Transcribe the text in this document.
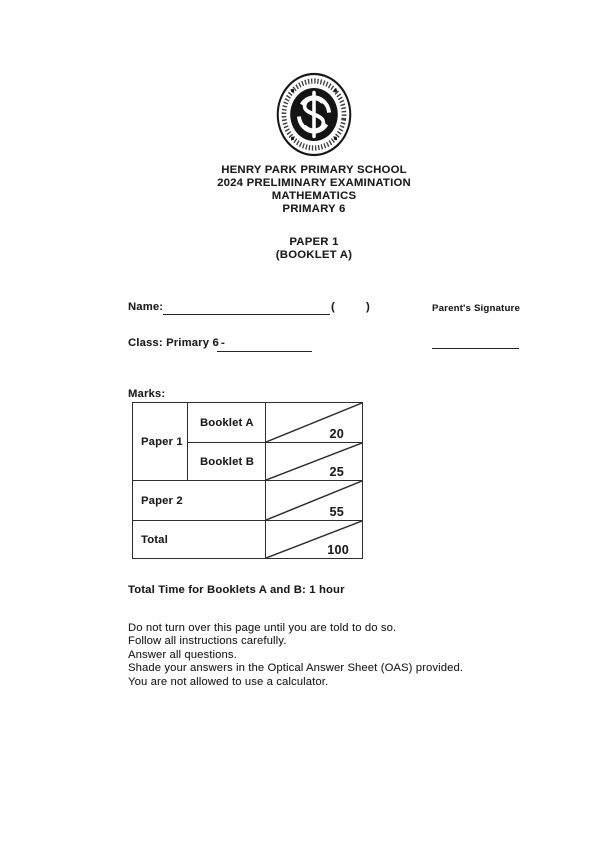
HENRY PARK PRIMARY SCHOOL
2024 PRELIMINARY EXAMINATION
MATHEMATICS
PRIMARY 6
PAPER 1
(BOOKLET A)
Name:	(	)	Parent's Signature
Class: Primary 6 -
Marks:
Paper 1	Booklet A	20

	Booklet B	25

Paper 2		55

Total		100
Total Time for Booklets A and B: 1 hour
Do not turn over this page until you are told to do so.
Follow all instructions carefully.
Answer all questions.
Shade your answers in the Optical Answer Sheet (OAS) provided.
You are not allowed to use a calculator.
